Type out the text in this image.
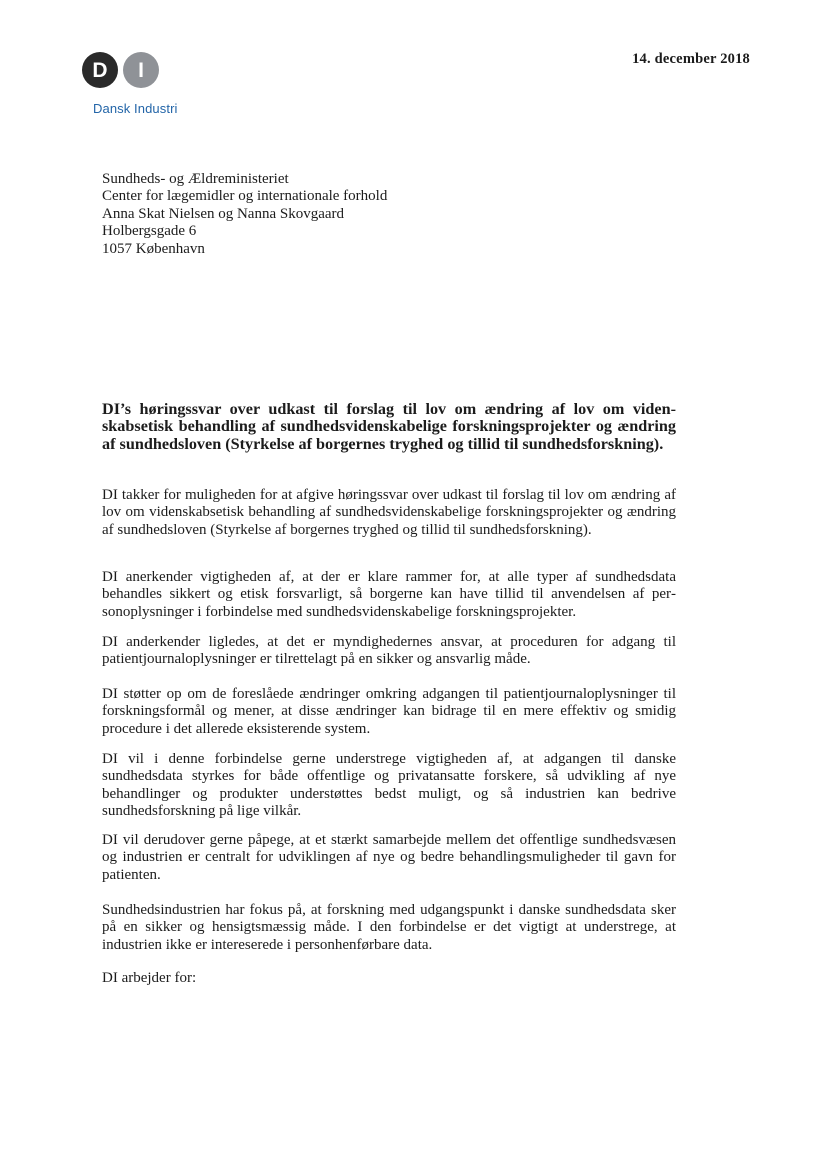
D	I

Dansk Industri

14. december 2018

Sundheds- og Ældreministeriet
Center for lægemidler og internationale forhold
Anna Skat Nielsen og Nanna Skovgaard
Holbergsgade 6
1057 København
DI’s høringssvar over udkast til forslag til lov om ændring af lov om videnskabsetisk behandling af sundhedsvidenskabelige forskningsprojekter og ændring af sundhedsloven (Styrkelse af borgernes tryghed og tillid til sundhedsforskning).

DI takker for muligheden for at afgive høringssvar over udkast til forslag til lov om ændring af lov om videnskabsetisk behandling af sundhedsvidenskabelige forskningsprojekter og ændring af sundhedsloven (Styrkelse af borgernes tryghed og tillid til sundhedsforskning).

DI anerkender vigtigheden af, at der er klare rammer for, at alle typer af sundhedsdata behandles sikkert og etisk forsvarligt, så borgerne kan have tillid til anvendelsen af personoplysninger i forbindelse med sundhedsvidenskabelige forskningsprojekter.

DI anderkender ligledes, at det er myndighedernes ansvar, at proceduren for adgang til patientjournaloplysninger er tilrettelagt på en sikker og ansvarlig måde.

DI støtter op om de foreslåede ændringer omkring adgangen til patientjournaloplysninger til forskningsformål og mener, at disse ændringer kan bidrage til en mere effektiv og smidig procedure i det allerede eksisterende system.

DI vil i denne forbindelse gerne understrege vigtigheden af, at adgangen til danske sundhedsdata styrkes for både offentlige og privatansatte forskere, så udvikling af nye behandlinger og produkter understøttes bedst muligt, og så industrien kan bedrive sundhedsforskning på lige vilkår.

DI vil derudover gerne påpege, at et stærkt samarbejde mellem det offentlige sundhedsvæsen og industrien er centralt for udviklingen af nye og bedre behandlingsmuligheder til gavn for patienten.

Sundhedsindustrien har fokus på, at forskning med udgangspunkt i danske sundhedsdata sker på en sikker og hensigtsmæssig måde. I den forbindelse er det vigtigt at understrege, at industrien ikke er intereserede i personhenførbare data.

DI arbejder for:
